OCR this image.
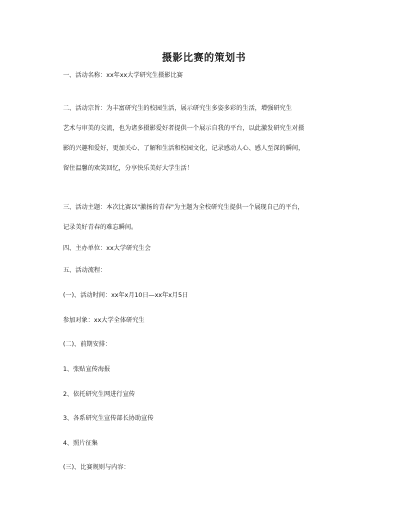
摄影比赛的策划书
一、活动名称：xx年xx大学研究生摄影比赛
二、活动宗旨：为丰富研究生的校园生活，展示研究生多姿多彩的生活，增强研究生
艺术与审美的交流，也为诸多摄影爱好者提供一个展示自我的平台，以此激发研究生对摄
影的兴趣和爱好，更加关心、了解和生活和校园文化，记录感动人心、感人至深的瞬间，
留住温馨的欢笑回忆，分享快乐美好大学生活！
三、活动主题：本次比赛以"激扬的青春"为主题为全校研究生提供一个展现自己的平台，
记录美好青春的难忘瞬间。
四、主办单位：xx大学研究生会
五、活动流程：
(一)、活动时间：xx年x月10日—xx年x月5日
参加对象：xx大学全体研究生
(二)、前期安排：
1、张贴宣传海报
2、依托研究生网进行宣传
3、各系研究生宣传部长协助宣传
4、照片征集
(三)、比赛规则与内容：
